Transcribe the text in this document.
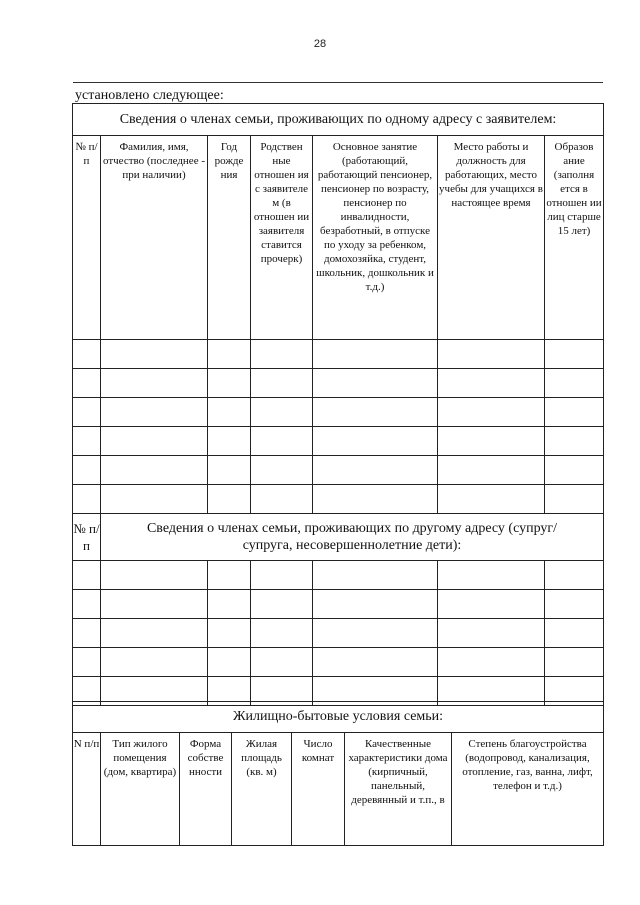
28
установлено следующее:
Сведения о членах семьи, проживающих по одному адресу с заявителем:						
№ п/п	Фамилия, имя, отчество (последнее - при наличии)	Год рожде ния	Родствен ные отношен ия с заявителе м (в отношен ии заявителя ставится прочерк)	Основное занятие (работающий, работающий пенсионер, пенсионер по возрасту, пенсионер по инвалидности, безработный, в отпуске по уходу за ребенком, домохозяйка, студент, школьник, дошкольник и т.д.)	Место работы и должность для работающих, место учебы для учащихся в настоящее время	Образов ание (заполня ется в отношен ии лиц старше 15 лет)

№ п/п	Сведения о членах семьи, проживающих по другому адресу (супруг/супруга, несовершеннолетние дети):					

Жилищно-бытовые условия семьи:
N п/п	Тип жилого помещения (дом, квартира)	Форма собстве нности	Жилая площадь (кв. м)	Число комнат	Качественные характеристики дома (кирпичный, панельный, деревянный и т.п., в	Степень благоустройства (водопровод, канализация, отопление, газ, ванна, лифт, телефон и т.д.)
